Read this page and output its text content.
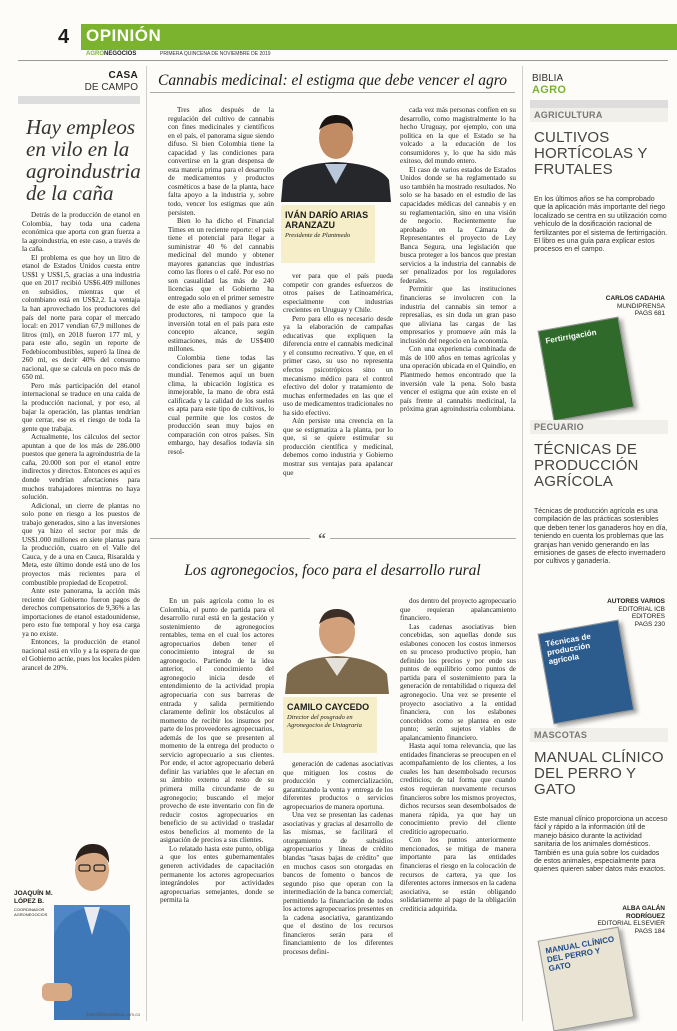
4 OPINIÓN
AGRONEGOCIOS	PRIMERA QUINCENA DE NOVIEMBRE DE 2019
CASA
DE CAMPO
Hay empleos en vilo en la agroindustria de la caña

Detrás de la producción de etanol en Colombia, hay toda una cadena económica que aporta con gran fuerza a la agroindustria, en este caso, a través de la caña.

El problema es que hoy un litro de etanol de Estados Unidos cuesta entre US$1 y US$1,5, gracias a una industria que en 2017 recibió US$6.409 millones en subsidios, mientras que el colombiano está en US$2,2. La ventaja la han aprovechado los productores del país del norte para copar el mercado local: en 2017 vendían 67,9 millones de litros (ml), en 2018 fueron 177 ml, y para este año, según un reporte de Fedebiocombustibles, superó la línea de 260 ml, es decir 40% del consumo nacional, que se calcula en poco más de 650 ml.

Pero más participación del etanol internacional se traduce en una caída de la producción nacional, y por eso, al bajar la operación, las plantas tendrían que cerrar, ese es el riesgo de toda la gente que trabaja.

Actualmente, los cálculos del sector apuntan a que de los más de 286.000 puestos que genera la agroindustria de la caña, 20.000 son por el etanol entre indirectos y directos. Entonces es aquí es donde vendrían afectaciones para muchos trabajadores mientras no haya solución.

Adicional, un cierre de plantas no solo pone en riesgo a los puestos de trabajo generados, sino a las inversiones que ya hizo el sector por más de US$1.000 millones en siete plantas para la producción, cuatro en el Valle del Cauca, y de a una en Cauca, Risaralda y Meta, este último donde está uno de los proyectos más recientes para el combustible propiedad de Ecopetrol.

Ante este panorama, la acción más reciente del Gobierno fueron pagos de derechos compensatorios de 9,36% a las importaciones de etanol estadounidense, pero esto fue temporal y hoy esa carga ya no existe.

Entonces, la producción de etanol nacional está en vilo y a la espera de que el Gobierno actúe, pues los locales piden arancel de 20%.

JOAQUÍN M. LÓPEZ B.
COORDINADOR AGRONEGOCIOS
jlopez@larepublica.com.co
Cannabis medicinal: el estigma que debe vencer el agro

Tres años después de la regulación del cultivo de cannabis con fines medicinales y científicos en el país, el panorama sigue siendo difuso. Si bien Colombia tiene la capacidad y las condiciones para convertirse en la gran despensa de esta materia prima para el desarrollo de medicamentos y productos cosméticos a base de la planta, hace falta apoyo a la industria y, sobre todo, vencer los estigmas que aún persisten.

Bien lo ha dicho el Financial Times en un reciente reporte: el país tiene el potencial para llegar a suministrar 40 % del cannabis medicinal del mundo y obtener mayores ganancias que industrias como las flores o el café. Por eso no son casualidad las más de 240 licencias que el Gobierno ha entregado solo en el primer semestre de este año a medianos y grandes productores, ni tampoco que la inversión total en el país para este concepto alcance, según estimaciones, más de US$400 millones.

Colombia tiene todas las condiciones para ser un gigante mundial. Tenemos aquí un buen clima, la ubicación logística es inmejorable, la mano de obra está calificada y la calidad de los suelos es apta para este tipo de cultivos, lo cual permite que los costos de producción sean muy bajos en comparación con otros países. Sin embargo, hay desafíos todavía sin resol-

IVÁN DARÍO ARIAS ARANZAZU
Presidente de Plantmedo

ver para que el país pueda competir con grandes esfuerzos de otros países de Latinoamérica, especialmente con industrias crecientes en Uruguay y Chile.

Pero para ello es necesario desde ya la elaboración de campañas educativas que expliquen la diferencia entre el cannabis medicinal y el consumo recreativo. Y que, en el primer caso, su uso no representa efectos psicotrópicos sino un mecanismo médico para el control efectivo del dolor y tratamiento de muchas enfermedades en las que el uso de medicamentos tradicionales no ha sido efectivo.

Aún persiste una creencia en la que se estigmatiza a la planta, por lo que, si se quiere estimular su producción científica y medicinal, debemos como industria y Gobierno mostrar sus ventajas para apalancar que

cada vez más personas confíen en su desarrollo, como magistralmente lo ha hecho Uruguay, por ejemplo, con una política en la que el Estado se ha volcado a la educación de los consumidores y, lo que ha sido más exitoso, del mundo entero.

El caso de varios estados de Estados Unidos donde se ha reglamentado su uso también ha mostrado resultados. No solo se ha basado en el estudio de las capacidades médicas del cannabis y en su reglamentación, sino en una visión de negocio. Recientemente fue aprobado en la Cámara de Representantes el proyecto de Ley Banca Segura, una legislación que busca proteger a los bancos que prestan servicios a la industria del cannabis de ser penalizados por los reguladores federales.

Permitir que las instituciones financieras se involucren con la industria del cannabis sin temor a represalias, es sin duda un gran paso que aliviana las cargas de las empresarios y promueve aún más la inclusión del negocio en la economía.

Con una experiencia combinada de más de 100 años en temas agrícolas y una operación ubicada en el Quindío, en Plantmedo hemos encontrado que la inversión vale la pena. Solo basta vencer el estigma que aún existe en el país frente al cannabis medicinal, la próxima gran agroindustria colombiana.

“
Los agronegocios, foco para el desarrollo rural

En un país agrícola como lo es Colombia, el punto de partida para el desarrollo rural está en la gestación y sostenimiento de agronegocios rentables, tema en el cual los actores agropecuarios deben tener el conocimiento integral de su agronegocio. Partiendo de la idea anterior, el conocimiento del agronegocio inicia desde el entendimiento de la actividad propia agropecuaria con sus barreras de entrada y salida permitiendo claramente definir los obstáculos al momento de recibir los insumos por parte de los proveedores agropecuarios, además de los que se presenten al momento de la entrega del producto o servicio agropecuario a sus clientes. Por ende, el actor agropecuario deberá definir las variables que le afectan en su ámbito externo al resto de su primera milla circundante de su agronegocio; buscando el mejor provecho de este inventario con fin de reducir costos agropecuarios en beneficio de su actividad o trasladar estos beneficios al momento de la asignación de precios a sus clientes.

Lo relatado hasta este punto, obliga a que los entes gubernamentales generen actividades de capacitación permanente los actores agropecuarios integrándoles por actividades agropecuarias semejantes, donde se permita la

CAMILO CAYCEDO
Director del posgrado en Agronegocios de Uniagraria

generación de cadenas asociativas que mitiguen los costos de producción y comercialización, garantizando la venta y entrega de los diferentes productos o servicios agropecuarios de manera oportuna.

Una vez se presentan las cadenas asociativas y gracias al desarrollo de las mismas, se facilitará el otorgamiento de subsidios agropecuarios y líneas de crédito blandas "tasas bajas de crédito" que en muchos casos son otorgadas en bancos de fomento o bancos de segundo piso que operan con la intermediación de la banca comercial; permitiendo la financiación de todos los actores agropecuarios presentes en la cadena asociativa, garantizando que el destino de los recursos financieros serán para el financiamiento de los diferentes procesos defini-

dos dentro del proyecto agropecuario que requieran apalancamiento financiero.

Las cadenas asociativas bien concebidas, son aquellas donde sus eslabones conocen los costos inmersos en su proceso productivo propio, han definido los precios y por ende sus puntos de equilibrio como puntos de partida para el sostenimiento para la generación de rentabilidad o riqueza del agronegocio. Una vez se presente el proyecto asociativo a la entidad financiera, con los eslabones concebidos como se plantea en este punto; serán sujetos viables de apalancamiento financiero.

Hasta aquí toma relevancia, que las entidades financieras se preocupen en el acompañamiento de los clientes, a los cuales les han desembolsado recursos crediticios; de tal forma que cuando estos requieran nuevamente recursos financieros sobre los mismos proyectos, dichos recursos sean desembolsados de manera rápida, ya que hay un conocimiento previo del cliente crediticio agropecuario.

Con los puntos anteriormente mencionados, se mitiga de manera importante para las entidades financieras el riesgo en la colocación de recursos de cartera, ya que los diferentes actores inmersos en la cadena asociativa, se están obligando solidariamente al pago de la obligación crediticia adquirida.

BIBLIA
AGRO
AGRICULTURA
CULTIVOS HORTÍCOLAS Y FRUTALES
En los últimos años se ha comprobado que la aplicación más importante del riego localizado se centra en su utilización como vehículo de la dosificación racional de fertilizantes por el sistema de fertirrigación. El libro es una guía para explicar estos procesos en el campo.
CARLOS CADAHIA
MUNDIPRENSA
PAGS 681
Fertirrigación
PECUARIO
TÉCNICAS DE PRODUCCIÓN AGRÍCOLA
Técnicas de producción agrícola es una compilación de las prácticas sostenibles que deben tener los ganaderos hoy en día, teniendo en cuenta los problemas que las granjas han venido generando en las emisiones de gases de efecto invernadero por cultivos y ganadería.
AUTORES VARIOS
EDITORIAL ICB EDITORES
PAGS 230
Técnicas de producción agrícola
MASCOTAS
MANUAL CLÍNICO DEL PERRO Y GATO
Este manual clínico proporciona un acceso fácil y rápido a la información útil de manejo básico durante la actividad sanitaria de los animales domésticos. También es una guía sobre los cuidados de estos animales, especialmente para quienes quieren saber datos más exactos.
ALBA GALÁN RODRÍGUEZ
EDITORIAL ELSEVIER
PAGS 184
MANUAL CLÍNICO DEL PERRO Y GATO
